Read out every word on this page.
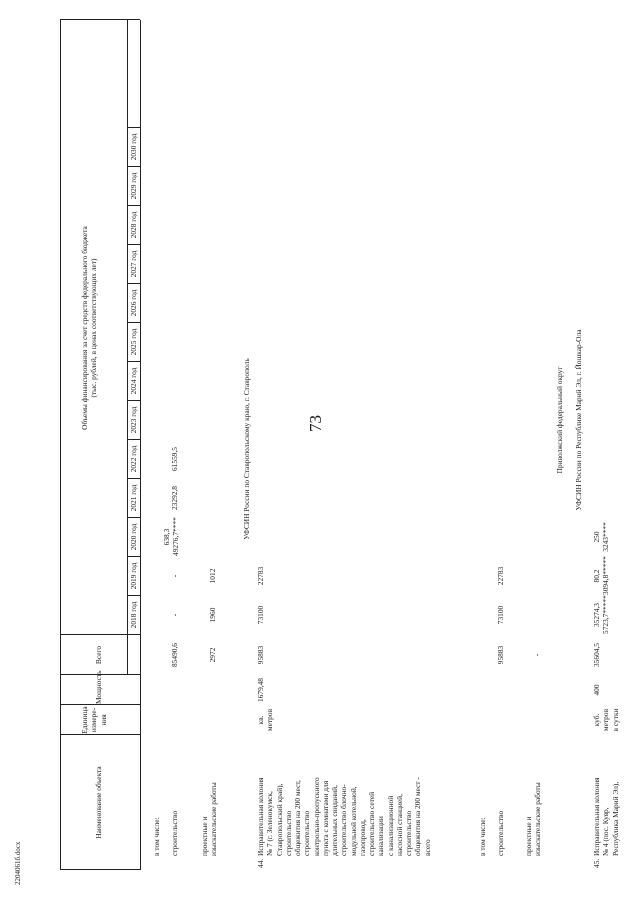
73
Наименование объекта
Единица
измере-
ния
Мощность
Всего
Объемы финансирования за счет средств федерального бюджета
(тыс. рублей, в ценах соответствующих лет)
2018 год
2019 год
2020 год
2021 год
2022 год
2023 год
2024 год
2025 год
2026 год
2027 год
2028 год
2029 год
2030 год
в том числе: строительство
85490,6
-
-
638,3
49276,7****
23292,8
61559,5
проектные и
изыскательские работы
2972
1960
1012
УФСИН России по Ставропольскому краю, г. Ставрополь
44.
Исправительная колония
№ 7 (г. Зеленокумск,
Ставропольский край),
строительство
общежития на 200 мест,
строительство
контрольно-пропускного
пункта с комнатами для
длительных свиданий,
строительство блочно-
модульной котельной,
газопровод,
строительство сетей
канализации
с канализационной
насосной станцией,
строительство
общежития на 200 мест -
всего
кв.
метров
1679,48
95883
73100
22783
в том числе: строительство
95883
73100
22783
проектные и
изыскательские работы
-
Приволжский федеральный округ УФСИН России по Республике Марий Эл, г. Йошкар-Ола
45.
Исправительная колония
№ 4 (пос. Куяр,
Республика Марий Эл),
куб.
метров
в сутки
400
35604,5
35274,3
5723,7*****
80,2
3094,8*****
250
3243****
2204061б.docx
